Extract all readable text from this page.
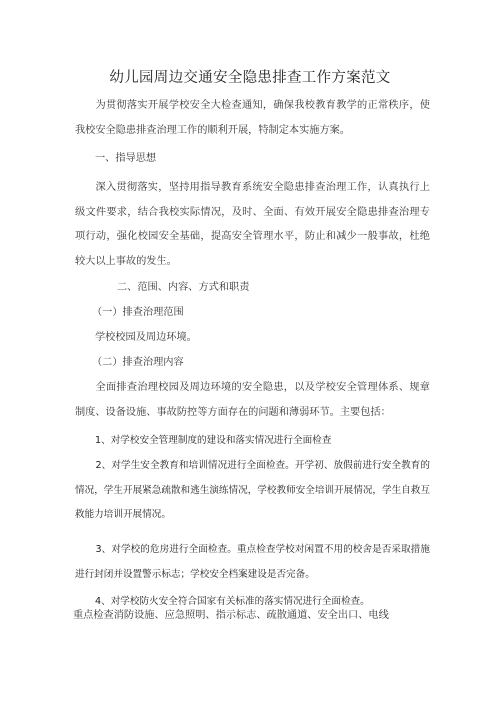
幼儿园周边交通安全隐患排查工作方案范文

为贯彻落实开展学校安全大检查通知，确保我校教育教学的正常秩序，使我校安全隐患排查治理工作的顺利开展，特制定本实施方案。

一、指导思想

深入贯彻落实，坚持用指导教育系统安全隐患排查治理工作，认真执行上级文件要求，结合我校实际情况，及时、全面、有效开展安全隐患排查治理专项行动，强化校园安全基础，提高安全管理水平，防止和减少一般事故，杜绝较大以上事故的发生。

二、范围、内容、方式和职责

（一）排查治理范围

学校校园及周边环境。

（二）排查治理内容

全面排查治理校园及周边环境的安全隐患，以及学校安全管理体系、规章制度、设备设施、事故防控等方面存在的问题和薄弱环节。主要包括：

1、对学校安全管理制度的建设和落实情况进行全面检查

2、对学生安全教育和培训情况进行全面检查。开学初、放假前进行安全教育的情况，学生开展紧急疏散和逃生演练情况，学校教师安全培训开展情况，学生自救互救能力培训开展情况。

3、对学校的危房进行全面检查。重点检查学校对闲置不用的校舍是否采取措施进行封闭并设置警示标志；学校安全档案建设是否完备。

4、对学校防火安全符合国家有关标准的落实情况进行全面检查。

重点检查消防设施、应急照明、指示标志、疏散通道、安全出口、电线
